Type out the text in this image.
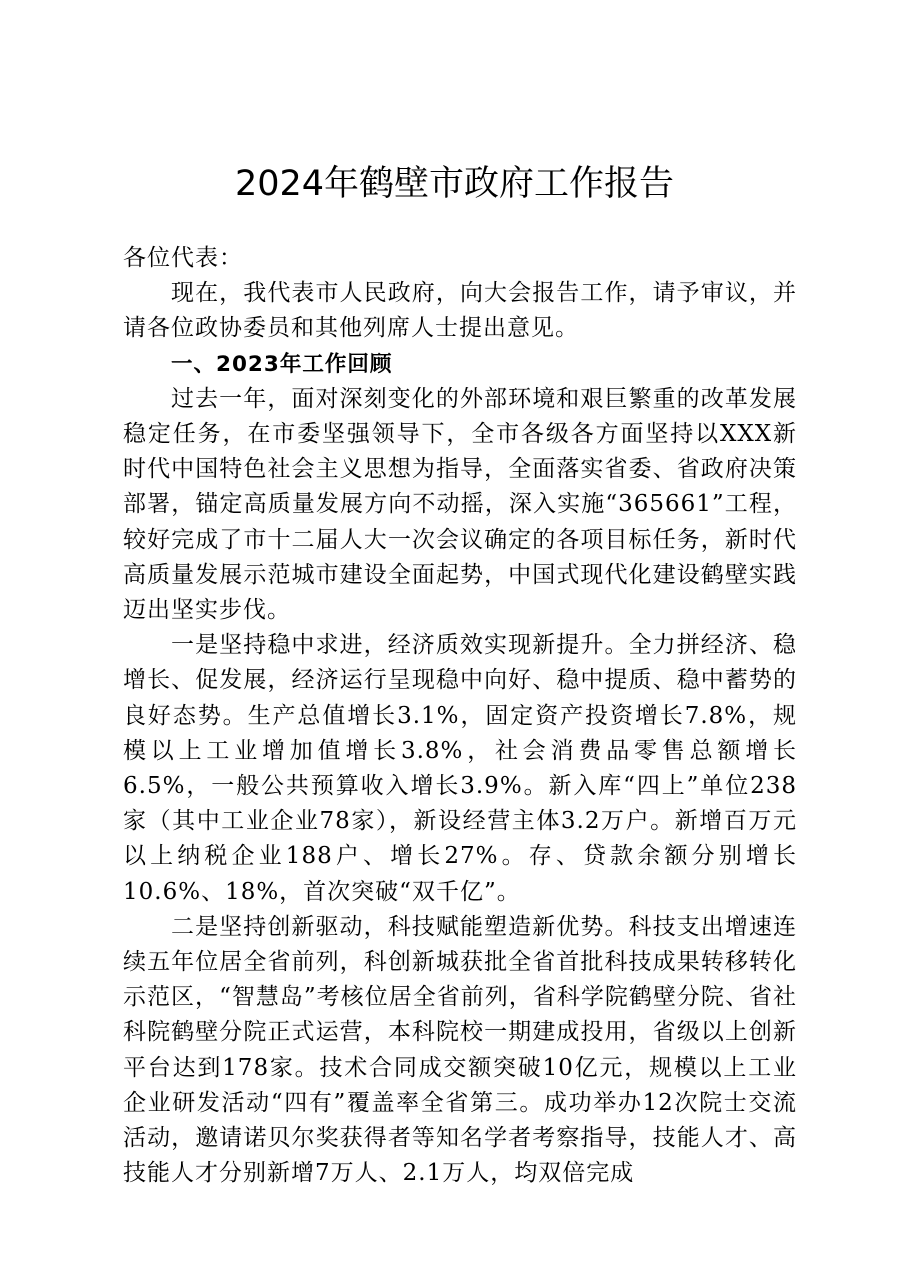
2024年鹤壁市政府工作报告

各位代表：

现在，我代表市人民政府，向大会报告工作，请予审议，并请各位政协委员和其他列席人士提出意见。

一、2023年工作回顾

过去一年，面对深刻变化的外部环境和艰巨繁重的改革发展稳定任务，在市委坚强领导下，全市各级各方面坚持以XXX新时代中国特色社会主义思想为指导，全面落实省委、省政府决策部署，锚定高质量发展方向不动摇，深入实施“365661”工程，较好完成了市十二届人大一次会议确定的各项目标任务，新时代高质量发展示范城市建设全面起势，中国式现代化建设鹤壁实践迈出坚实步伐。

一是坚持稳中求进，经济质效实现新提升。全力拼经济、稳增长、促发展，经济运行呈现稳中向好、稳中提质、稳中蓄势的良好态势。生产总值增长3.1%，固定资产投资增长7.8%，规模以上工业增加值增长3.8%，社会消费品零售总额增长6.5%，一般公共预算收入增长3.9%。新入库“四上”单位238家（其中工业企业78家），新设经营主体3.2万户。新增百万元以上纳税企业188户、增长27%。存、贷款余额分别增长10.6%、18%，首次突破“双千亿”。

二是坚持创新驱动，科技赋能塑造新优势。科技支出增速连续五年位居全省前列，科创新城获批全省首批科技成果转移转化示范区，“智慧岛”考核位居全省前列，省科学院鹤壁分院、省社科院鹤壁分院正式运营，本科院校一期建成投用，省级以上创新平台达到178家。技术合同成交额突破10亿元，规模以上工业企业研发活动“四有”覆盖率全省第三。成功举办12次院士交流活动，邀请诺贝尔奖获得者等知名学者考察指导，技能人才、高技能人才分别新增7万人、2.1万人，均双倍完成
